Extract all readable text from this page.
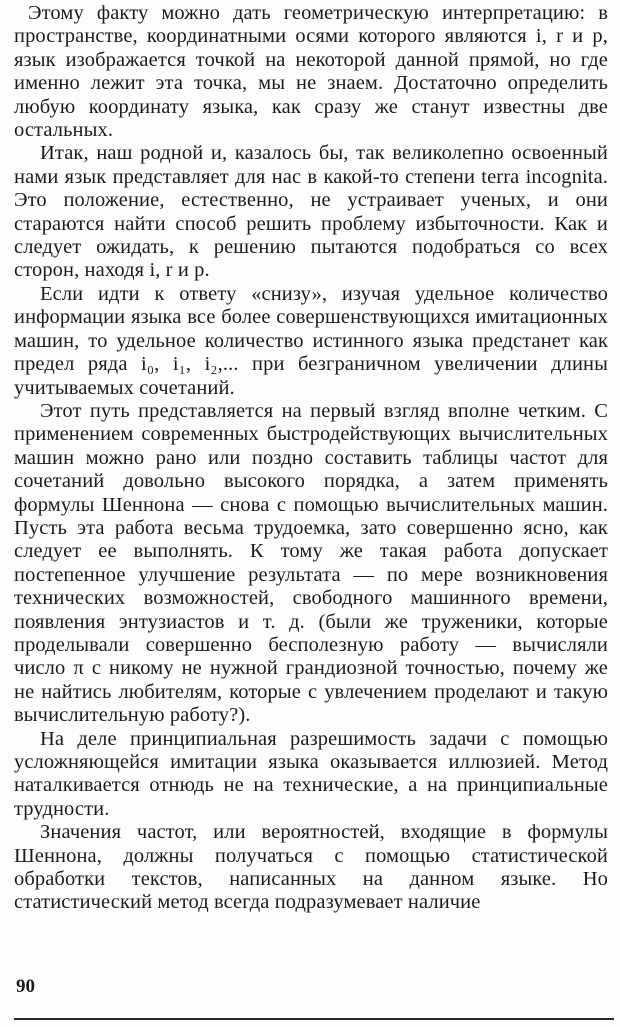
Этому факту можно дать геометрическую интерпретацию: в пространстве, координатными осями которого являются i, r и p, язык изображается точкой на некоторой данной прямой, но где именно лежит эта точка, мы не знаем. Достаточно определить любую координату языка, как сразу же станут известны две остальных.

Итак, наш родной и, казалось бы, так великолепно освоенный нами язык представляет для нас в какой-то степени terra incognita. Это положение, естественно, не устраивает ученых, и они стараются найти способ решить проблему избыточности. Как и следует ожидать, к решению пытаются подобраться со всех сторон, находя i, r и p.

Если идти к ответу «снизу», изучая удельное количество информации языка все более совершенствующихся имитационных машин, то удельное количество истинного языка предстанет как предел ряда i₀, i₁, i₂,... при безграничном увеличении длины учитываемых сочетаний.

Этот путь представляется на первый взгляд вполне четким. С применением современных быстродействующих вычислительных машин можно рано или поздно составить таблицы частот для сочетаний довольно высокого порядка, а затем применять формулы Шеннона — снова с помощью вычислительных машин. Пусть эта работа весьма трудоемка, зато совершенно ясно, как следует ее выполнять. К тому же такая работа допускает постепенное улучшение результата — по мере возникновения технических возможностей, свободного машинного времени, появления энтузиастов и т. д. (были же труженики, которые проделывали совершенно бесполезную работу — вычисляли число π с никому не нужной грандиозной точностью, почему же не найтись любителям, которые с увлечением проделают и такую вычислительную работу?).

На деле принципиальная разрешимость задачи с помощью усложняющейся имитации языка оказывается иллюзией. Метод наталкивается отнюдь не на технические, а на принципиальные трудности.

Значения частот, или вероятностей, входящие в формулы Шеннона, должны получаться с помощью статистической обработки текстов, написанных на данном языке. Но статистический метод всегда подразумевает наличие

90
